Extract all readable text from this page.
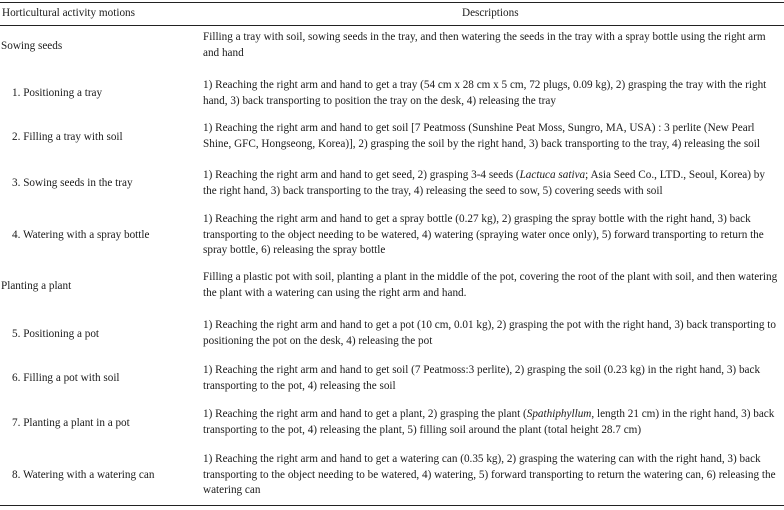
Horticultural activity motions	Descriptions
Sowing seeds
Filling a tray with soil, sowing seeds in the tray, and then watering the seeds in the tray with a spray bottle using the right arm and hand
1. Positioning a tray
1) Reaching the right arm and hand to get a tray (54 cm x 28 cm x 5 cm, 72 plugs, 0.09 kg), 2) grasping the tray with the right hand, 3) back transporting to position the tray on the desk, 4) releasing the tray
2. Filling a tray with soil
1) Reaching the right arm and hand to get soil [7 Peatmoss (Sunshine Peat Moss, Sungro, MA, USA) : 3 perlite (New Pearl Shine, GFC, Hongseong, Korea)], 2) grasping the soil by the right hand, 3) back transporting to the tray, 4) releasing the soil
3. Sowing seeds in the tray
1) Reaching the right arm and hand to get seed, 2) grasping 3-4 seeds (Lactuca sativa; Asia Seed Co., LTD., Seoul, Korea) by the right hand, 3) back transporting to the tray, 4) releasing the seed to sow, 5) covering seeds with soil
4. Watering with a spray bottle
1) Reaching the right arm and hand to get a spray bottle (0.27 kg), 2) grasping the spray bottle with the right hand, 3) back transporting to the object needing to be watered, 4) watering (spraying water once only), 5) forward transporting to return the spray bottle, 6) releasing the spray bottle
Planting a plant
Filling a plastic pot with soil, planting a plant in the middle of the pot, covering the root of the plant with soil, and then watering the plant with a watering can using the right arm and hand.
5. Positioning a pot
1) Reaching the right arm and hand to get a pot (10 cm, 0.01 kg), 2) grasping the pot with the right hand, 3) back transporting to positioning the pot on the desk, 4) releasing the pot
6. Filling a pot with soil
1) Reaching the right arm and hand to get soil (7 Peatmoss:3 perlite), 2) grasping the soil (0.23 kg) in the right hand, 3) back transporting to the pot, 4) releasing the soil
7. Planting a plant in a pot
1) Reaching the right arm and hand to get a plant, 2) grasping the plant (Spathiphyllum, length 21 cm) in the right hand, 3) back transporting to the pot, 4) releasing the plant, 5) filling soil around the plant (total height 28.7 cm)
8. Watering with a watering can
1) Reaching the right arm and hand to get a watering can (0.35 kg), 2) grasping the watering can with the right hand, 3) back transporting to the object needing to be watered, 4) watering, 5) forward transporting to return the watering can, 6) releasing the watering can
